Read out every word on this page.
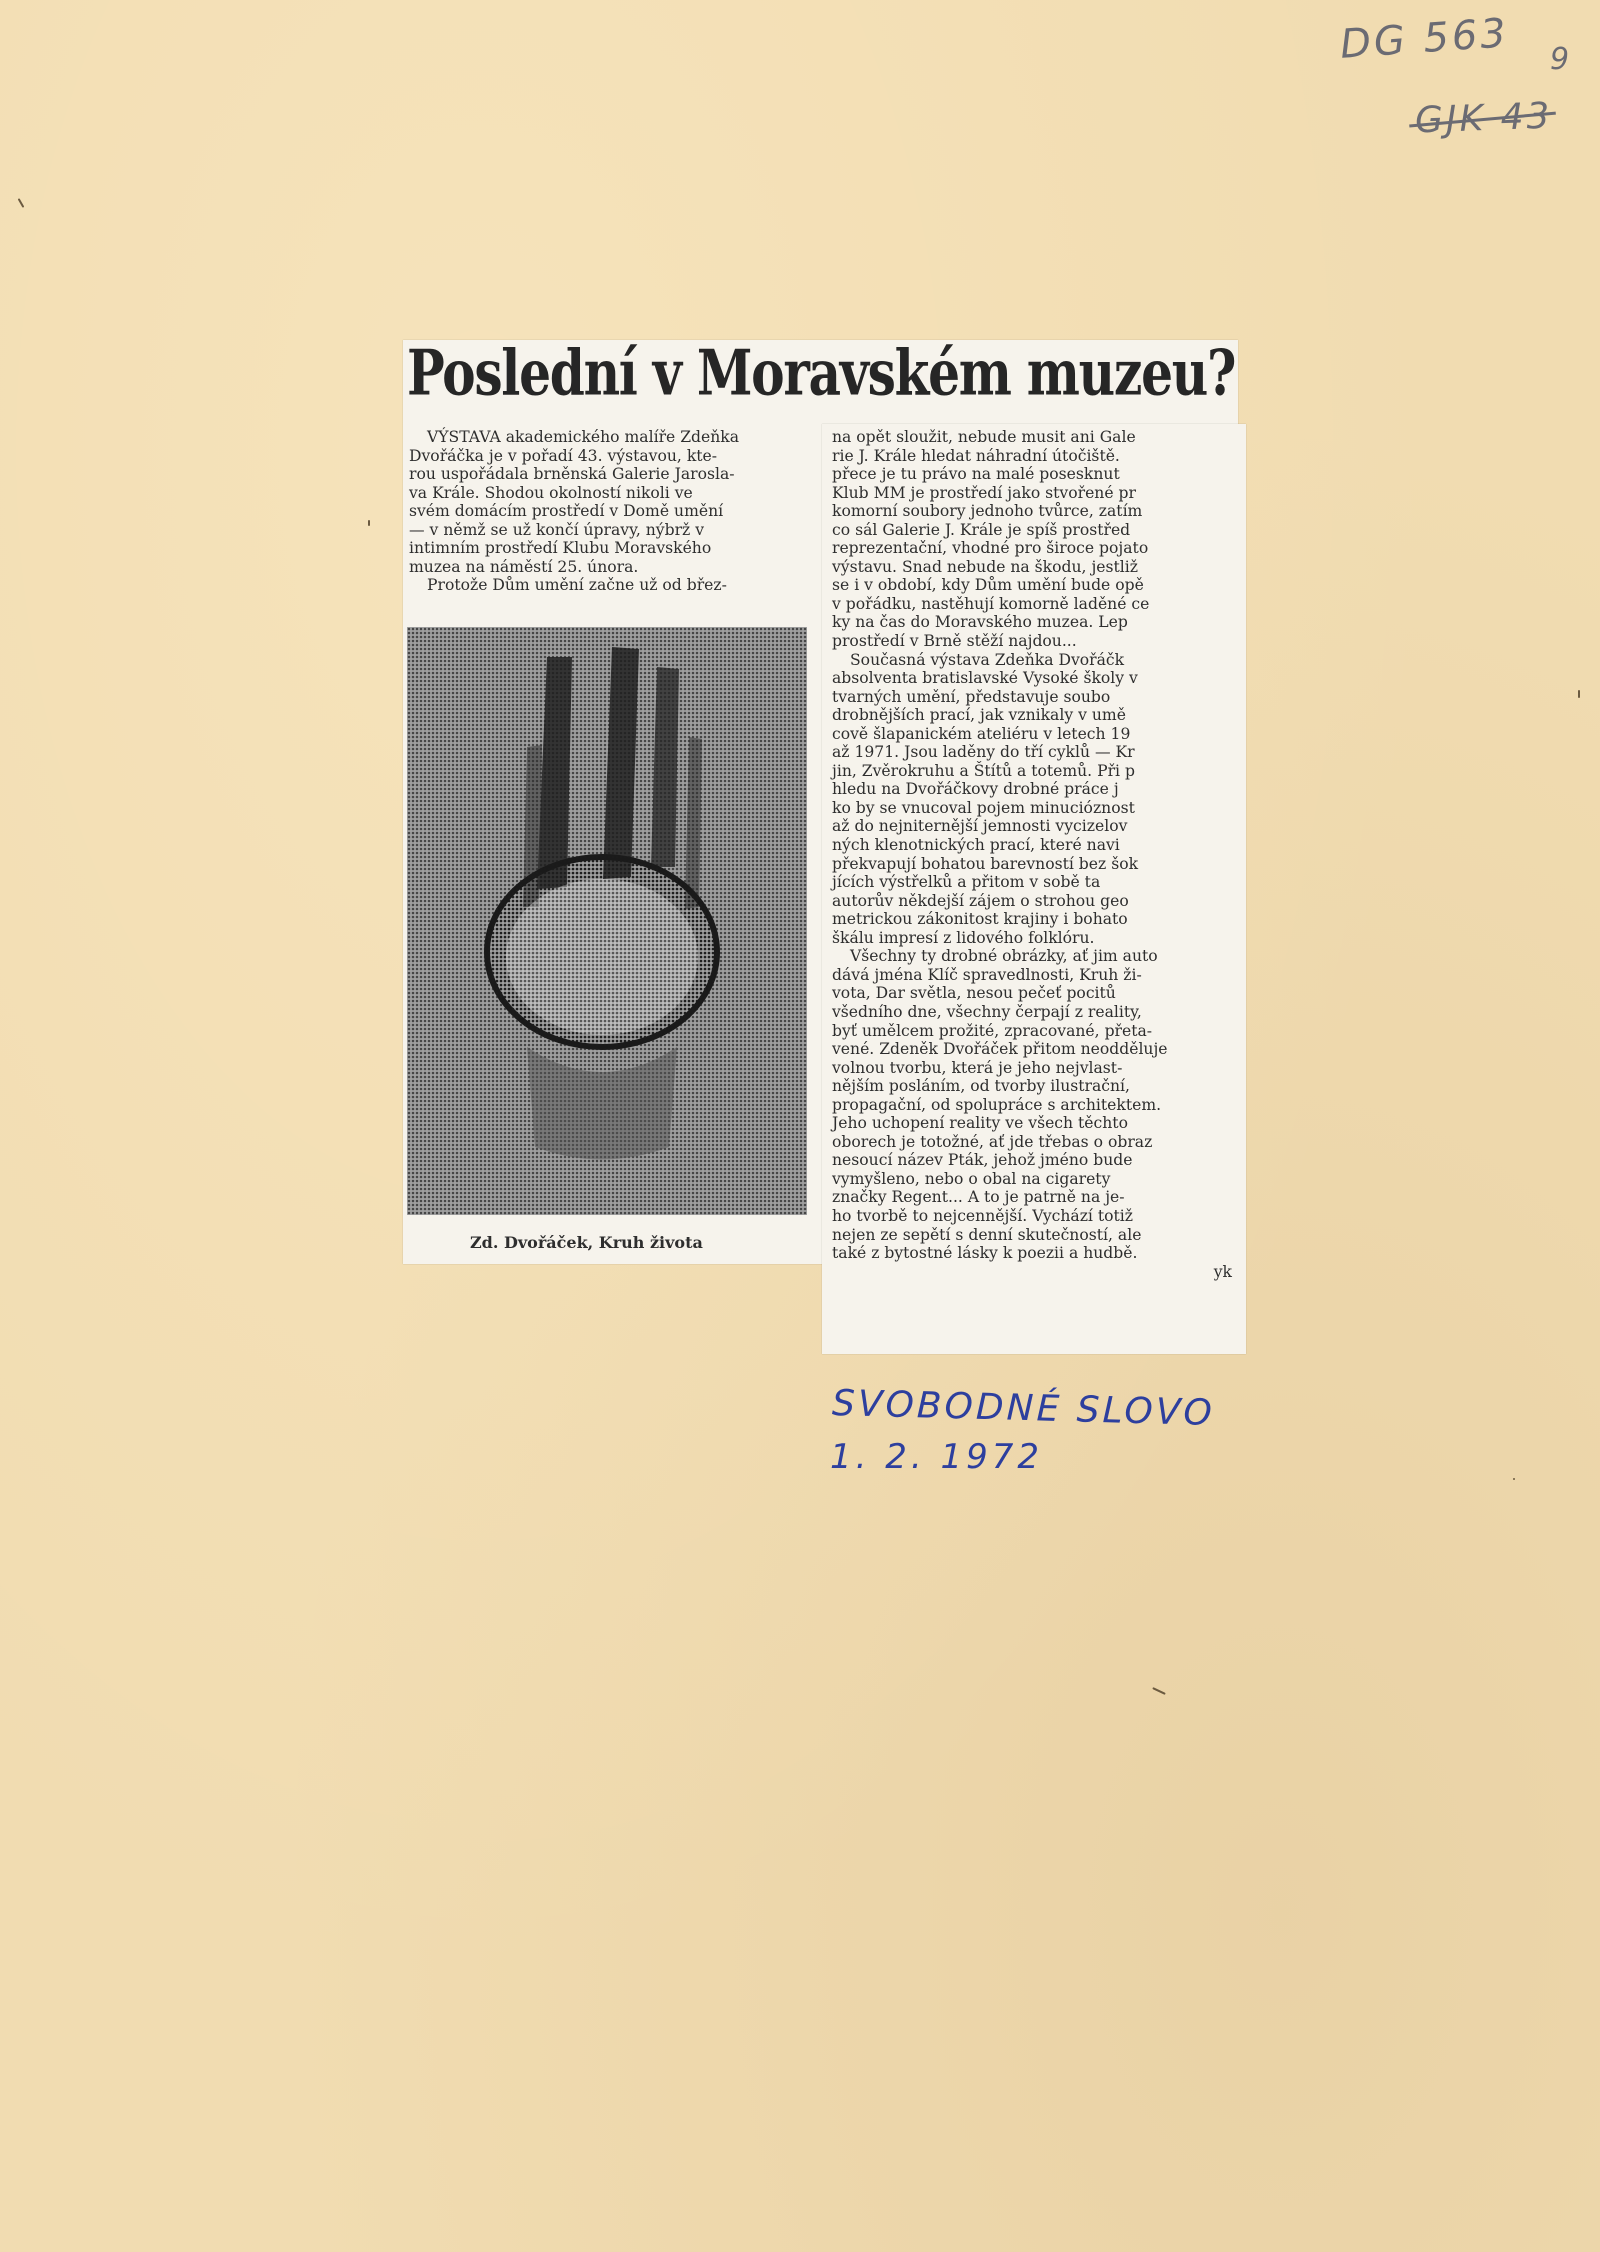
DG 563 9
GJK 43
Poslední v Moravském muzeu?
VÝSTAVA akademického malíře Zdeňka
Dvořáčka je v pořadí 43. výstavou, kte-
rou uspořádala brněnská Galerie Jarosla-
va Krále. Shodou okolností nikoli ve
svém domácím prostředí v Domě umění
— v němž se už končí úpravy, nýbrž v
intimním prostředí Klubu Moravského
muzea na náměstí 25. února.
Protože Dům umění začne už od břez-
na opět sloužit, nebude musit ani Gale
rie J. Krále hledat náhradní útočiště.
přece je tu právo na malé posesknut
Klub MM je prostředí jako stvořené pr
komorní soubory jednoho tvůrce, zatím
co sál Galerie J. Krále je spíš prostřed
reprezentační, vhodné pro široce pojato
výstavu. Snad nebude na škodu, jestliž
se i v období, kdy Dům umění bude opě
v pořádku, nastěhují komorně laděné ce
ky na čas do Moravského muzea. Lep
prostředí v Brně stěží najdou...
Současná výstava Zdeňka Dvořáčk
absolventa bratislavské Vysoké školy v
tvarných umění, představuje soubo
drobnějších prací, jak vznikaly v umě
cově šlapanickém ateliéru v letech 19
až 1971. Jsou laděny do tří cyklů — Kr
jin, Zvěrokruhu a Štítů a totemů. Při p
hledu na Dvořáčkovy drobné práce j
ko by se vnucoval pojem minucióznost
až do nejniternější jemnosti vycizelov
ných klenotnických prací, které navi
překvapují bohatou barevností bez šok
jících výstřelků a přitom v sobě ta
autorův někdejší zájem o strohou geo
metrickou zákonitost krajiny i bohato
škálu impresí z lidového folklóru.
Všechny ty drobné obrázky, ať jim auto
dává jména Klíč spravedlnosti, Kruh ži-
vota, Dar světla, nesou pečeť pocitů
všedního dne, všechny čerpají z reality,
byť umělcem prožité, zpracované, přeta-
vené. Zdeněk Dvořáček přitom neodděluje
volnou tvorbu, která je jeho nejvlast-
nějším posláním, od tvorby ilustrační,
propagační, od spolupráce s architektem.
Jeho uchopení reality ve všech těchto
oborech je totožné, ať jde třebas o obraz
nesoucí název Pták, jehož jméno bude
vymyšleno, nebo o obal na cigarety
značky Regent... A to je patrně na je-
ho tvorbě to nejcennější. Vychází totiž
nejen ze sepětí s denní skutečností, ale
také z bytostné lásky k poezii a hudbě.
yk
Zd. Dvořáček, Kruh života
SVOBODNÉ SLOVO
1. 2. 1972
